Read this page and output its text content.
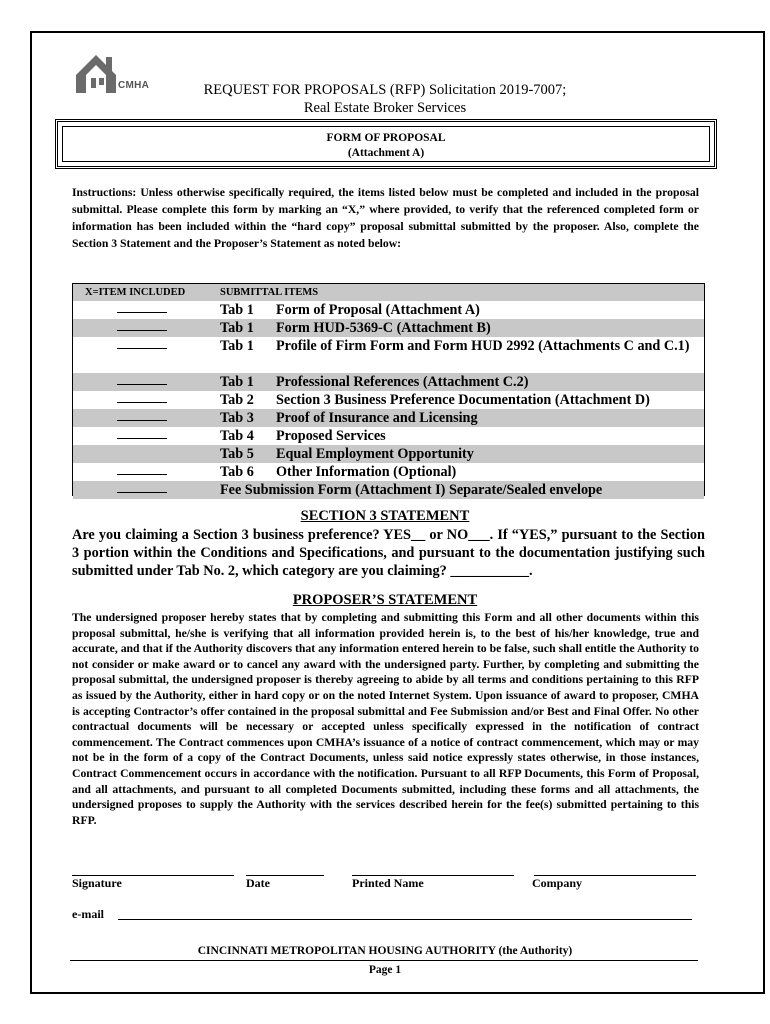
CMHA	REQUEST FOR PROPOSALS (RFP) Solicitation 2019-7007;
Real Estate Broker Services
FORM OF PROPOSAL
(Attachment A)
Instructions: Unless otherwise specifically required, the items listed below must be completed and included in the proposal submittal. Please complete this form by marking an “X,” where provided, to verify that the referenced completed form or information has been included within the “hard copy” proposal submittal submitted by the proposer. Also, complete the Section 3 Statement and the Proposer’s Statement as noted below:
X=ITEM INCLUDED	SUBMITTAL ITEMS
Tab 1 Form of Proposal (Attachment A)
Tab 1 Form HUD-5369-C (Attachment B)
Tab 1 Profile of Firm Form and Form HUD 2992 (Attachments C and C.1)
Tab 1 Professional References (Attachment C.2)
Tab 2 Section 3 Business Preference Documentation (Attachment D)
Tab 3 Proof of Insurance and Licensing
Tab 4 Proposed Services
Tab 5 Equal Employment Opportunity
Tab 6 Other Information (Optional)
Fee Submission Form (Attachment I) Separate/Sealed envelope
SECTION 3 STATEMENT
Are you claiming a Section 3 business preference? YES__ or NO___. If “YES,” pursuant to the Section 3 portion within the Conditions and Specifications, and pursuant to the documentation justifying such submitted under Tab No. 2, which category are you claiming? ___________.
PROPOSER’S STATEMENT
The undersigned proposer hereby states that by completing and submitting this Form and all other documents within this proposal submittal, he/she is verifying that all information provided herein is, to the best of his/her knowledge, true and accurate, and that if the Authority discovers that any information entered herein to be false, such shall entitle the Authority to not consider or make award or to cancel any award with the undersigned party. Further, by completing and submitting the proposal submittal, the undersigned proposer is thereby agreeing to abide by all terms and conditions pertaining to this RFP as issued by the Authority, either in hard copy or on the noted Internet System. Upon issuance of award to proposer, CMHA is accepting Contractor’s offer contained in the proposal submittal and Fee Submission and/or Best and Final Offer. No other contractual documents will be necessary or accepted unless specifically expressed in the notification of contract commencement. The Contract commences upon CMHA’s issuance of a notice of contract commencement, which may or may not be in the form of a copy of the Contract Documents, unless said notice expressly states otherwise, in those instances, Contract Commencement occurs in accordance with the notification. Pursuant to all RFP Documents, this Form of Proposal, and all attachments, and pursuant to all completed Documents submitted, including these forms and all attachments, the undersigned proposes to supply the Authority with the services described herein for the fee(s) submitted pertaining to this RFP.
Signature	Date	Printed Name	Company
e-mail
CINCINNATI METROPOLITAN HOUSING AUTHORITY (the Authority)
Page 1
